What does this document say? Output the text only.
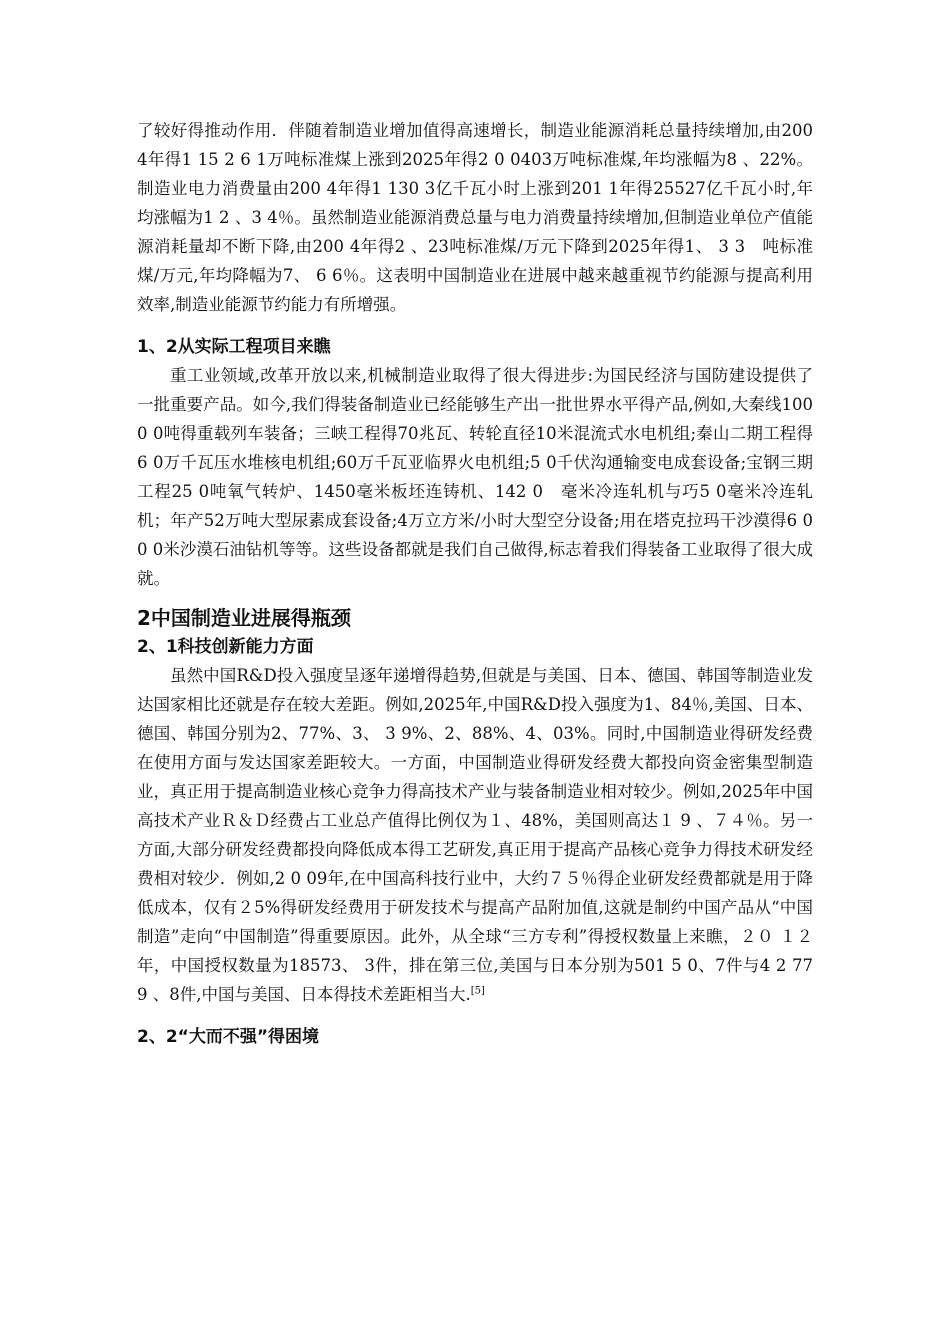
了较好得推动作用．伴随着制造业增加值得高速增长，制造业能源消耗总量持续增加,由200 4年得1 15 2 6 1万吨标准煤上涨到2025年得2 0 0403万吨标准煤,年均涨幅为8 、22%。制造业电力消费量由200 4年得1 130 3亿千瓦小时上涨到201 1年得25527亿千瓦小时,年均涨幅为1 2 、3 4％。虽然制造业能源消费总量与电力消费量持续增加,但制造业单位产值能源消耗量却不断下降,由200 4年得2 、23吨标准煤/万元下降到2025年得1、 3 3　吨标准煤/万元,年均降幅为7、 6 6％。这表明中国制造业在进展中越来越重视节约能源与提高利用效率,制造业能源节约能力有所增强。

1、2从实际工程项目来瞧

重工业领域,改革开放以来,机械制造业取得了很大得进步:为国民经济与国防建设提供了一批重要产品。如今,我们得装备制造业已经能够生产出一批世界水平得产品,例如,大秦线100 0 0吨得重载列车装备；三峡工程得70兆瓦、转轮直径10米混流式水电机组;秦山二期工程得6 0万千瓦压水堆核电机组;60万千瓦亚临界火电机组;5 0千伏沟通输变电成套设备;宝钢三期工程25 0吨氧气转炉、1450毫米板坯连铸机、142 0　毫米冷连轧机与巧5 0毫米冷连轧机；年产52万吨大型尿素成套设备;4万立方米/小时大型空分设备;用在塔克拉玛干沙漠得6 0 0 0米沙漠石油钻机等等。这些设备都就是我们自己做得,标志着我们得装备工业取得了很大成就。

2中国制造业进展得瓶颈
2、1科技创新能力方面

虽然中国R&D投入强度呈逐年递增得趋势,但就是与美国、日本、德国、韩国等制造业发达国家相比还就是存在较大差距。例如,2025年,中国R&D投入强度为1、84％,美国、日本、德国、韩国分别为2、77%、3、 3 9%、2、88%、4、03%。同时,中国制造业得研发经费在使用方面与发达国家差距较大。一方面，中国制造业得研发经费大都投向资金密集型制造业，真正用于提高制造业核心竞争力得高技术产业与装备制造业相对较少。例如,2025年中国高技术产业Ｒ＆Ｄ经费占工业总产值得比例仅为１、48%，美国则高达１ 9 、７４％。另一方面,大部分研发经费都投向降低成本得工艺研发,真正用于提高产品核心竞争力得技术研发经费相对较少．例如,2 0 09年,在中国高科技行业中，大约７５％得企业研发经费都就是用于降低成本，仅有２5%得研发经费用于研发技术与提高产品附加值,这就是制约中国产品从“中国制造”走向“中国制造”得重要原因。此外，从全球“三方专利”得授权数量上来瞧，２０ １２年，中国授权数量为18573、 3件，排在第三位,美国与日本分别为501 5 0、7件与4 2 77 9 、8件,中国与美国、日本得技术差距相当大.[5]

2、2“大而不强”得困境
